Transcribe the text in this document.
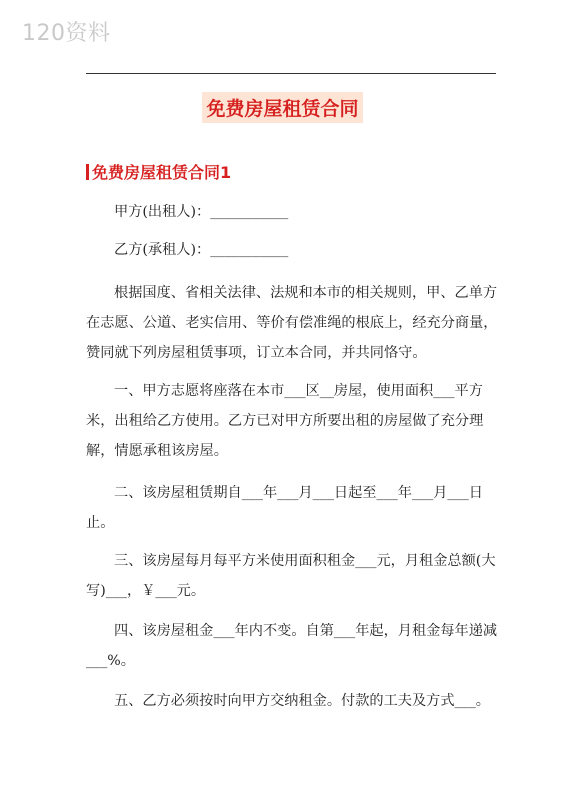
120资料
免费房屋租赁合同
免费房屋租赁合同1

甲方(出租人)：___________

乙方(承租人)：___________

根据国度、省相关法律、法规和本市的相关规则，甲、乙单方在志愿、公道、老实信用、等价有偿准绳的根底上，经充分商量，赞同就下列房屋租赁事项，订立本合同，并共同恪守。

一、甲方志愿将座落在本市___区__房屋，使用面积___平方米，出租给乙方使用。乙方已对甲方所要出租的房屋做了充分理解，情愿承租该房屋。

二、该房屋租赁期自___年___月___日起至___年___月___日止。

三、该房屋每月每平方米使用面积租金___元，月租金总额(大写)___，￥___元。

四、该房屋租金___年内不变。自第___年起，月租金每年递减___%。

五、乙方必须按时向甲方交纳租金。付款的工夫及方式___。
